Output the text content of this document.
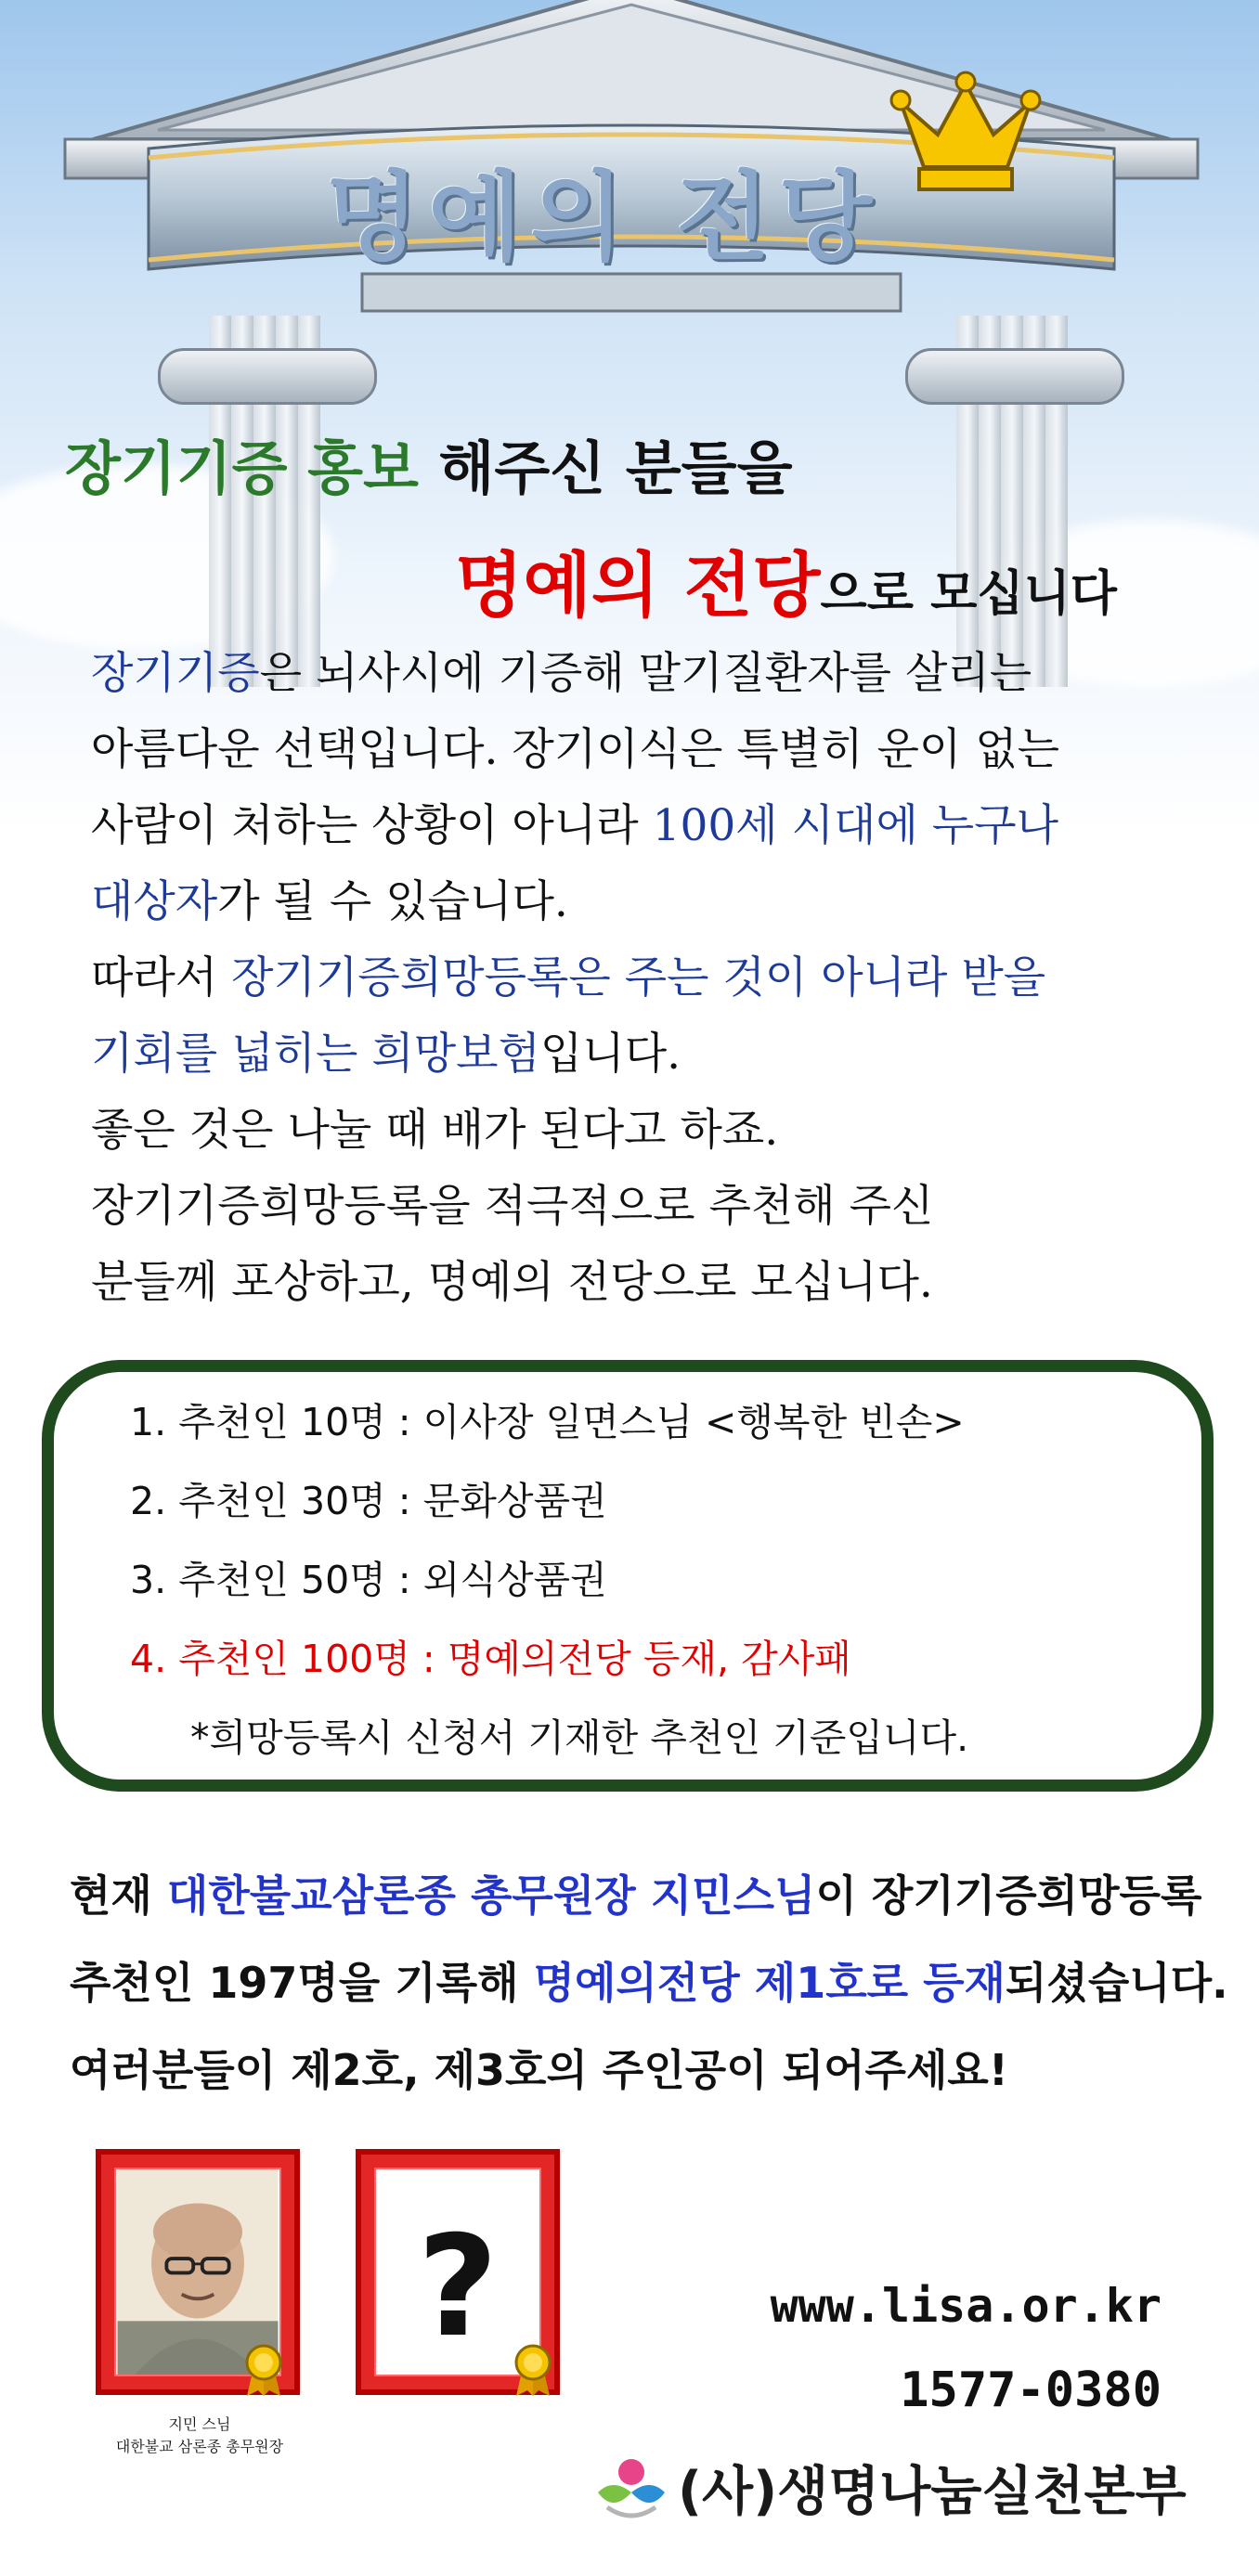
명예의 전당
장기기증 홍보 해주신 분들을
명예의 전당으로 모십니다

장기기증은 뇌사시에 기증해 말기질환자를 살리는

아름다운 선택입니다. 장기이식은 특별히 운이 없는

사람이 처하는 상황이 아니라 100세 시대에 누구나

대상자가 될 수 있습니다.

따라서 장기기증희망등록은 주는 것이 아니라 받을

기회를 넓히는 희망보험입니다.

좋은 것은 나눌 때 배가 된다고 하죠.

장기기증희망등록을 적극적으로 추천해 주신

분들께 포상하고, 명예의 전당으로 모십니다.

1. 추천인 10명 : 이사장 일면스님 <행복한 빈손>
2. 추천인 30명 : 문화상품권
3. 추천인 50명 : 외식상품권
4. 추천인 100명 : 명예의전당 등재, 감사패
*희망등록시 신청서 기재한 추천인 기준입니다.
현재 대한불교삼론종 총무원장 지민스님이 장기기증희망등록
추천인 197명을 기록해 명예의전당 제1호로 등재되셨습니다.
여러분들이 제2호, 제3호의 주인공이 되어주세요!
?
지민 스님
대한불교 삼론종 총무원장
www.lisa.or.kr
1577-0380
(사)생명나눔실천본부
